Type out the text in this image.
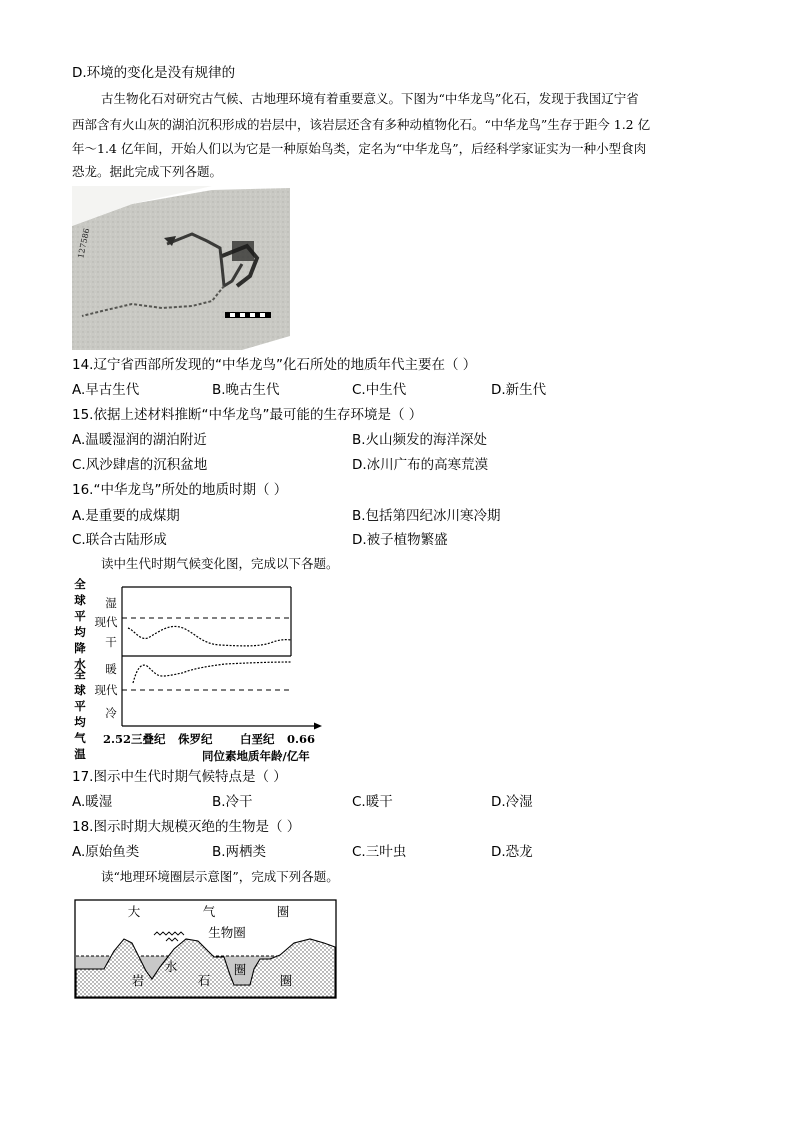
D.环境的变化是没有规律的
古生物化石对研究古气候、古地理环境有着重要意义。下图为“中华龙鸟”化石，发现于我国辽宁省
西部含有火山灰的湖泊沉积形成的岩层中，该岩层还含有多种动植物化石。“中华龙鸟”生存于距今 1.2 亿
年～1.4 亿年间，开始人们以为它是一种原始鸟类，定名为“中华龙鸟”，后经科学家证实为一种小型食肉
恐龙。据此完成下列各题。
127586
14.辽宁省西部所发现的“中华龙鸟”化石所处的地质年代主要在（ ）
A.早古生代	B.晚古生代	C.中生代	D.新生代
15.依据上述材料推断“中华龙鸟”最可能的生存环境是（ ）
A.温暖湿润的湖泊附近	B.火山频发的海洋深处
C.风沙肆虐的沉积盆地	D.冰川广布的高寒荒漠
16.“中华龙鸟”所处的地质时期（ ）
A.是重要的成煤期	B.包括第四纪冰川寒冷期
C.联合古陆形成	D.被子植物繁盛
读中生代时期气候变化图，完成以下各题。
全
球
平
均
降
水
全
球
平
均
气
温
湿
现代
干
暖
现代
冷
2.52 三叠纪 侏罗纪 白垩纪 0.66
同位素地质年龄/亿年
17.图示中生代时期气候特点是（ ）
A.暖湿	B.冷干	C.暖干	D.冷湿
18.图示时期大规模灭绝的生物是（ ）
A.原始鱼类	B.两栖类	C.三叶虫	D.恐龙
读“地理环境圈层示意图”，完成下列各题。
大	气	圈
生物圈
水	圈
岩	石	圈
